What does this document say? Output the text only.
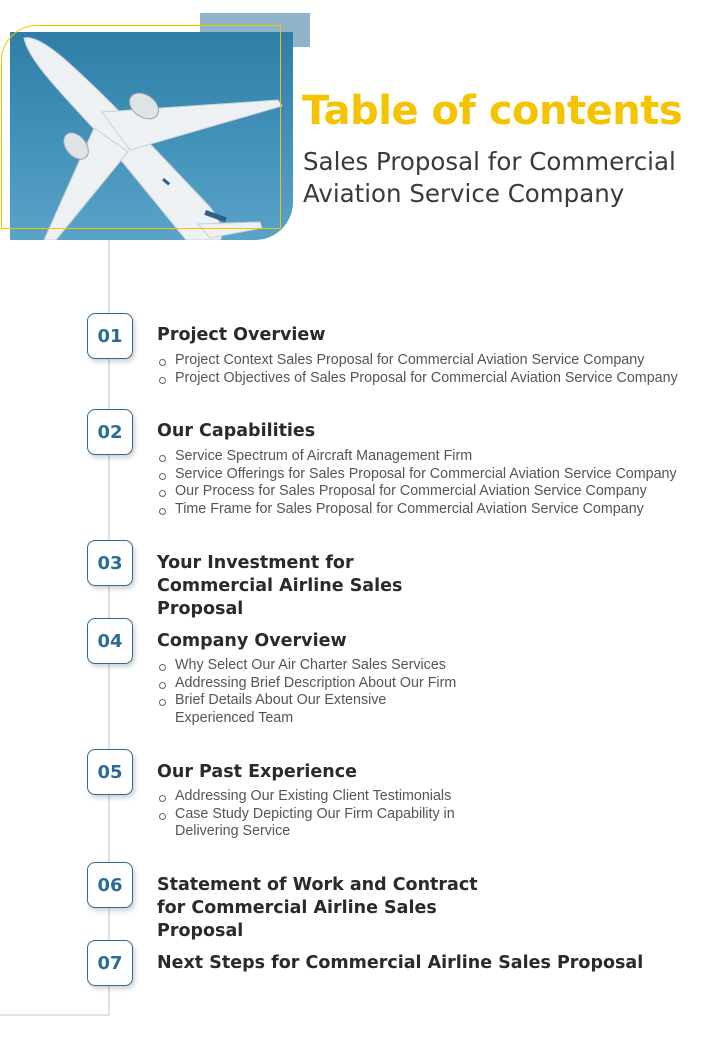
Table of contents

Sales Proposal for Commercial Aviation Service Company

01	Project Overview
Project Context Sales Proposal for Commercial Aviation Service Company
Project Objectives of Sales Proposal for Commercial Aviation Service Company
02	Our Capabilities
Service Spectrum of Aircraft Management Firm
Service Offerings for Sales Proposal for Commercial Aviation Service Company
Our Process for Sales Proposal for Commercial Aviation Service Company
Time Frame for Sales Proposal for Commercial Aviation Service Company
03	Your Investment for Commercial Airline Sales Proposal
04	Company Overview
Why Select Our Air Charter Sales Services
Addressing Brief Description About Our Firm
Brief Details About Our Extensive Experienced Team
05	Our Past Experience
Addressing Our Existing Client Testimonials
Case Study Depicting Our Firm Capability in Delivering Service
06	Statement of Work and Contract for Commercial Airline Sales Proposal
07	Next Steps for Commercial Airline Sales Proposal
